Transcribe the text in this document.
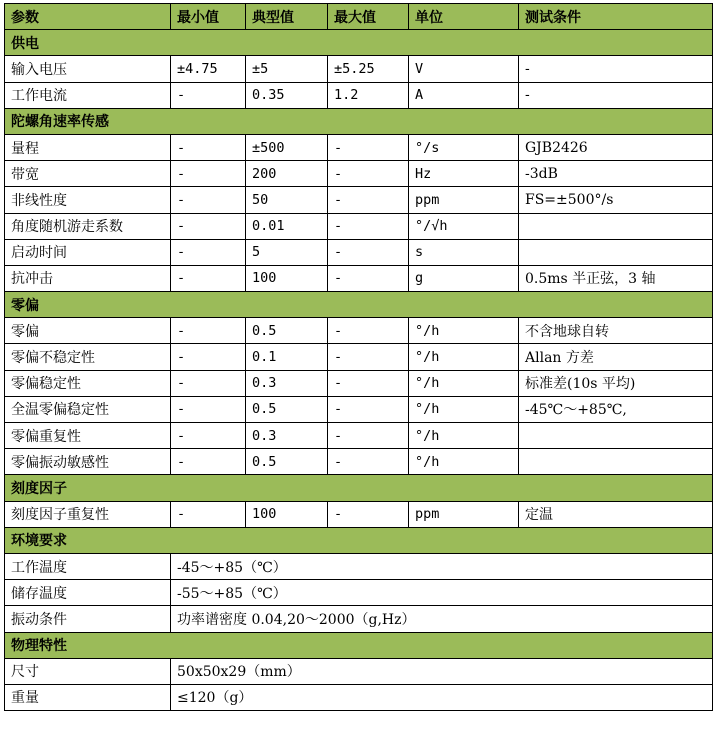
参数	最小值	典型值	最大值	单位	测试条件
供电					
输入电压	±4.75	±5	±5.25	V	-
工作电流	-	0.35	1.2	A	-
陀螺角速率传感					
量程	-	±500	-	°/s	GJB2426
带宽	-	200	-	Hz	-3dB
非线性度	-	50	-	ppm	FS=±500°/s
角度随机游走系数	-	0.01	-	°/√h	
启动时间	-	5	-	s	
抗冲击	-	100	-	g	0.5ms 半正弦，3 轴
零偏					
零偏	-	0.5	-	°/h	不含地球自转
零偏不稳定性	-	0.1	-	°/h	Allan 方差
零偏稳定性	-	0.3	-	°/h	标准差(10s 平均)
全温零偏稳定性	-	0.5	-	°/h	-45℃～+85℃,
零偏重复性	-	0.3	-	°/h	
零偏振动敏感性	-	0.5	-	°/h	
刻度因子					
刻度因子重复性	-	100	-	ppm	定温
环境要求					
工作温度	-45～+85（℃）				
储存温度	-55～+85（℃）				
振动条件	功率谱密度 0.04,20～2000（g,Hz）				
物理特性					
尺寸	50x50x29（mm）				
重量	≤120（g）				
